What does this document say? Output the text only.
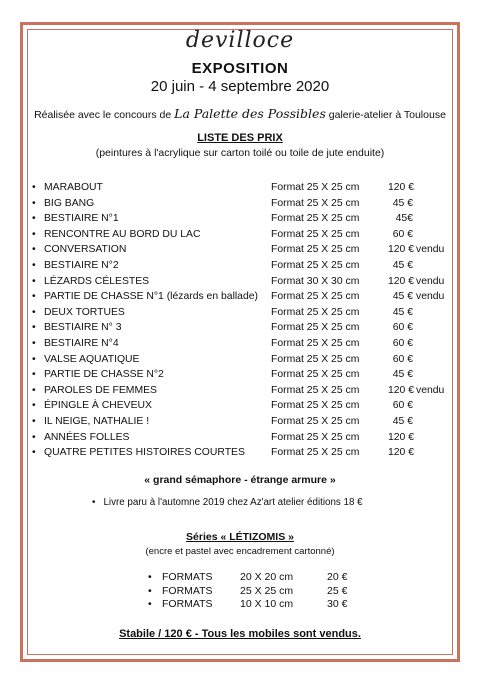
devilloce
EXPOSITION
20 juin - 4 septembre 2020
Réalisée avec le concours de La Palette des Possibles galerie-atelier à Toulouse
LISTE DES PRIX
(peintures à l'acrylique sur carton toilé ou toile de jute enduite)
• MARABOUT	Format 25 X 25 cm	120 €
• BIG BANG	Format 25 X 25 cm	45 €
• BESTIAIRE N°1	Format 25 X 25 cm	45€
• RENCONTRE AU BORD DU LAC	Format 25 X 25 cm	60 €
• CONVERSATION	Format 25 X 25 cm	120 € vendu
• BESTIAIRE N°2	Format 25 X 25 cm	45 €
• LÉZARDS CÉLESTES	Format 30 X 30 cm	120 € vendu
• PARTIE DE CHASSE N°1 (lézards en ballade) Format 25 X 25 cm	45 € vendu
• DEUX TORTUES	Format 25 X 25 cm	45 €
• BESTIAIRE N° 3	Format 25 X 25 cm	60 €
• BESTIAIRE N°4	Format 25 X 25 cm	60 €
• VALSE AQUATIQUE	Format 25 X 25 cm	60 €
• PARTIE DE CHASSE N°2	Format 25 X 25 cm	45 €
• PAROLES DE FEMMES	Format 25 X 25 cm	120 € vendu
• ÉPINGLE À CHEVEUX	Format 25 X 25 cm	60 €
• IL NEIGE, NATHALIE !	Format 25 X 25 cm	45 €
• ANNÉES FOLLES	Format 25 X 25 cm	120 €
• QUATRE PETITES HISTOIRES COURTES	Format 25 X 25 cm	120 €
« grand sémaphore - étrange armure »
• Livre paru à l'automne 2019 chez Az'art atelier éditions 18 €
Séries « LÉTIZOMIS »
(encre et pastel avec encadrement cartonné)
• FORMATS	20 X 20 cm	20 €
• FORMATS	25 X 25 cm	25 €
• FORMATS	10 X 10 cm	30 €
Stabile / 120 € - Tous les mobiles sont vendus.
